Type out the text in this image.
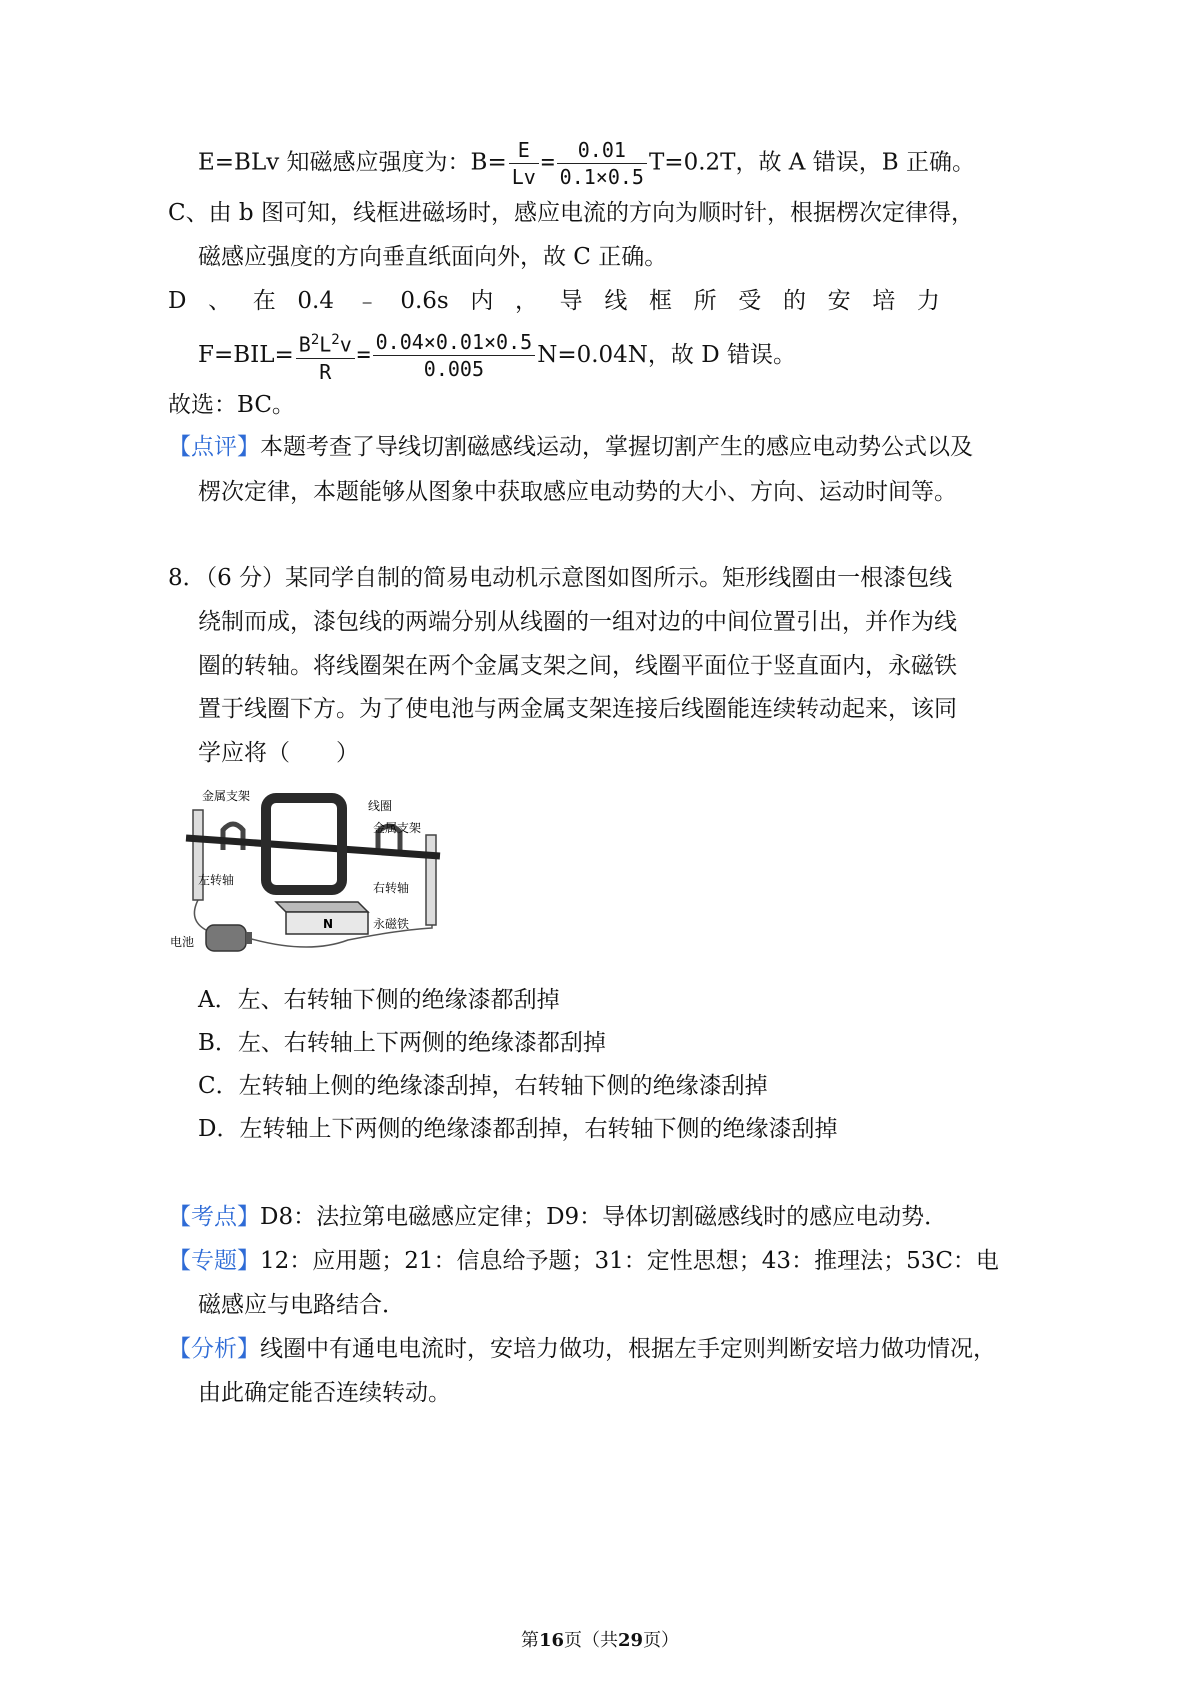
E=BLv 知磁感应强度为：$B= \frac{E}{Lv} = \frac{0.01}{0.1\times 0.5} T=0.2T$，故 A 错误，B 正确。
C、由 b 图可知，线框进磁场时，感应电流的方向为顺时针，根据楞次定律得，
磁感应强度的方向垂直纸面向外，故 C 正确。
D 、 在 0.4 ﹣ 0.6s 内 ， 导 线 框 所 受 的 安 培 力
$F=BIL= \frac{B^2L^2v}{R} = \frac{0.04\times 0.01\times 0.5}{0.005} N=0.04N$，故 D 错误。
故选：BC。
【点评】本题考查了导线切割磁感线运动，掌握切割产生的感应电动势公式以及
楞次定律，本题能够从图象中获取感应电动势的大小、方向、运动时间等。
8．（6 分）某同学自制的简易电动机示意图如图所示。矩形线圈由一根漆包线
绕制而成，漆包线的两端分别从线圈的一组对边的中间位置引出，并作为线
圈的转轴。将线圈架在两个金属支架之间，线圈平面位于竖直面内，永磁铁
置于线圈下方。为了使电池与两金属支架连接后线圈能连续转动起来，该同
学应将（　　）
N
金属支架
线圈
金属支架
左转轴
右转轴
永磁铁
电池
A．左、右转轴下侧的绝缘漆都刮掉
B．左、右转轴上下两侧的绝缘漆都刮掉
C．左转轴上侧的绝缘漆刮掉，右转轴下侧的绝缘漆刮掉
D．左转轴上下两侧的绝缘漆都刮掉，右转轴下侧的绝缘漆刮掉
【考点】D8：法拉第电磁感应定律；D9：导体切割磁感线时的感应电动势．
【专题】12：应用题；21：信息给予题；31：定性思想；43：推理法；53C：电
磁感应与电路结合．
【分析】线圈中有通电电流时，安培力做功，根据左手定则判断安培力做功情况，
由此确定能否连续转动。
第16页（共29页）
